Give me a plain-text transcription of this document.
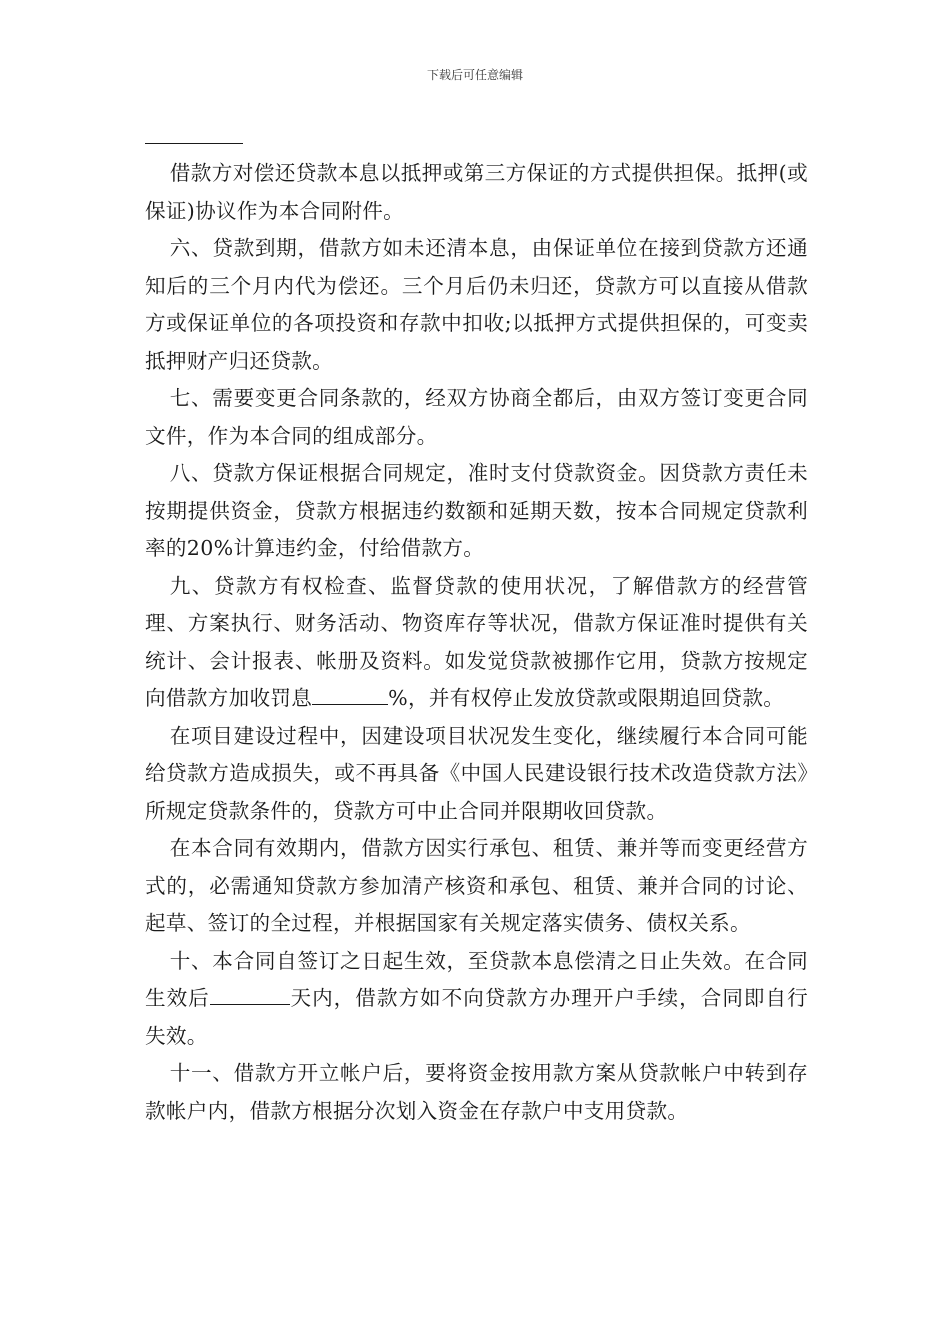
下载后可任意编辑

借款方对偿还贷款本息以抵押或第三方保证的方式提供担保。抵押(或保证)协议作为本合同附件。

六、贷款到期，借款方如未还清本息，由保证单位在接到贷款方还通知后的三个月内代为偿还。三个月后仍未归还，贷款方可以直接从借款方或保证单位的各项投资和存款中扣收;以抵押方式提供担保的，可变卖抵押财产归还贷款。

七、需要变更合同条款的，经双方协商全都后，由双方签订变更合同文件，作为本合同的组成部分。

八、贷款方保证根据合同规定，准时支付贷款资金。因贷款方责任未按期提供资金，贷款方根据违约数额和延期天数，按本合同规定贷款利率的20%计算违约金，付给借款方。

九、贷款方有权检查、监督贷款的使用状况，了解借款方的经营管理、方案执行、财务活动、物资库存等状况，借款方保证准时提供有关统计、会计报表、帐册及资料。如发觉贷款被挪作它用，贷款方按规定向借款方加收罚息	%，并有权停止发放贷款或限期追回贷款。

在项目建设过程中，因建设项目状况发生变化，继续履行本合同可能给贷款方造成损失，或不再具备《中国人民建设银行技术改造贷款方法》所规定贷款条件的，贷款方可中止合同并限期收回贷款。

在本合同有效期内，借款方因实行承包、租赁、兼并等而变更经营方式的，必需通知贷款方参加清产核资和承包、租赁、兼并合同的讨论、起草、签订的全过程，并根据国家有关规定落实债务、债权关系。

十、本合同自签订之日起生效，至贷款本息偿清之日止失效。在合同生效后	天内，借款方如不向贷款方办理开户手续，合同即自行失效。

十一、借款方开立帐户后，要将资金按用款方案从贷款帐户中转到存款帐户内，借款方根据分次划入资金在存款户中支用贷款。
